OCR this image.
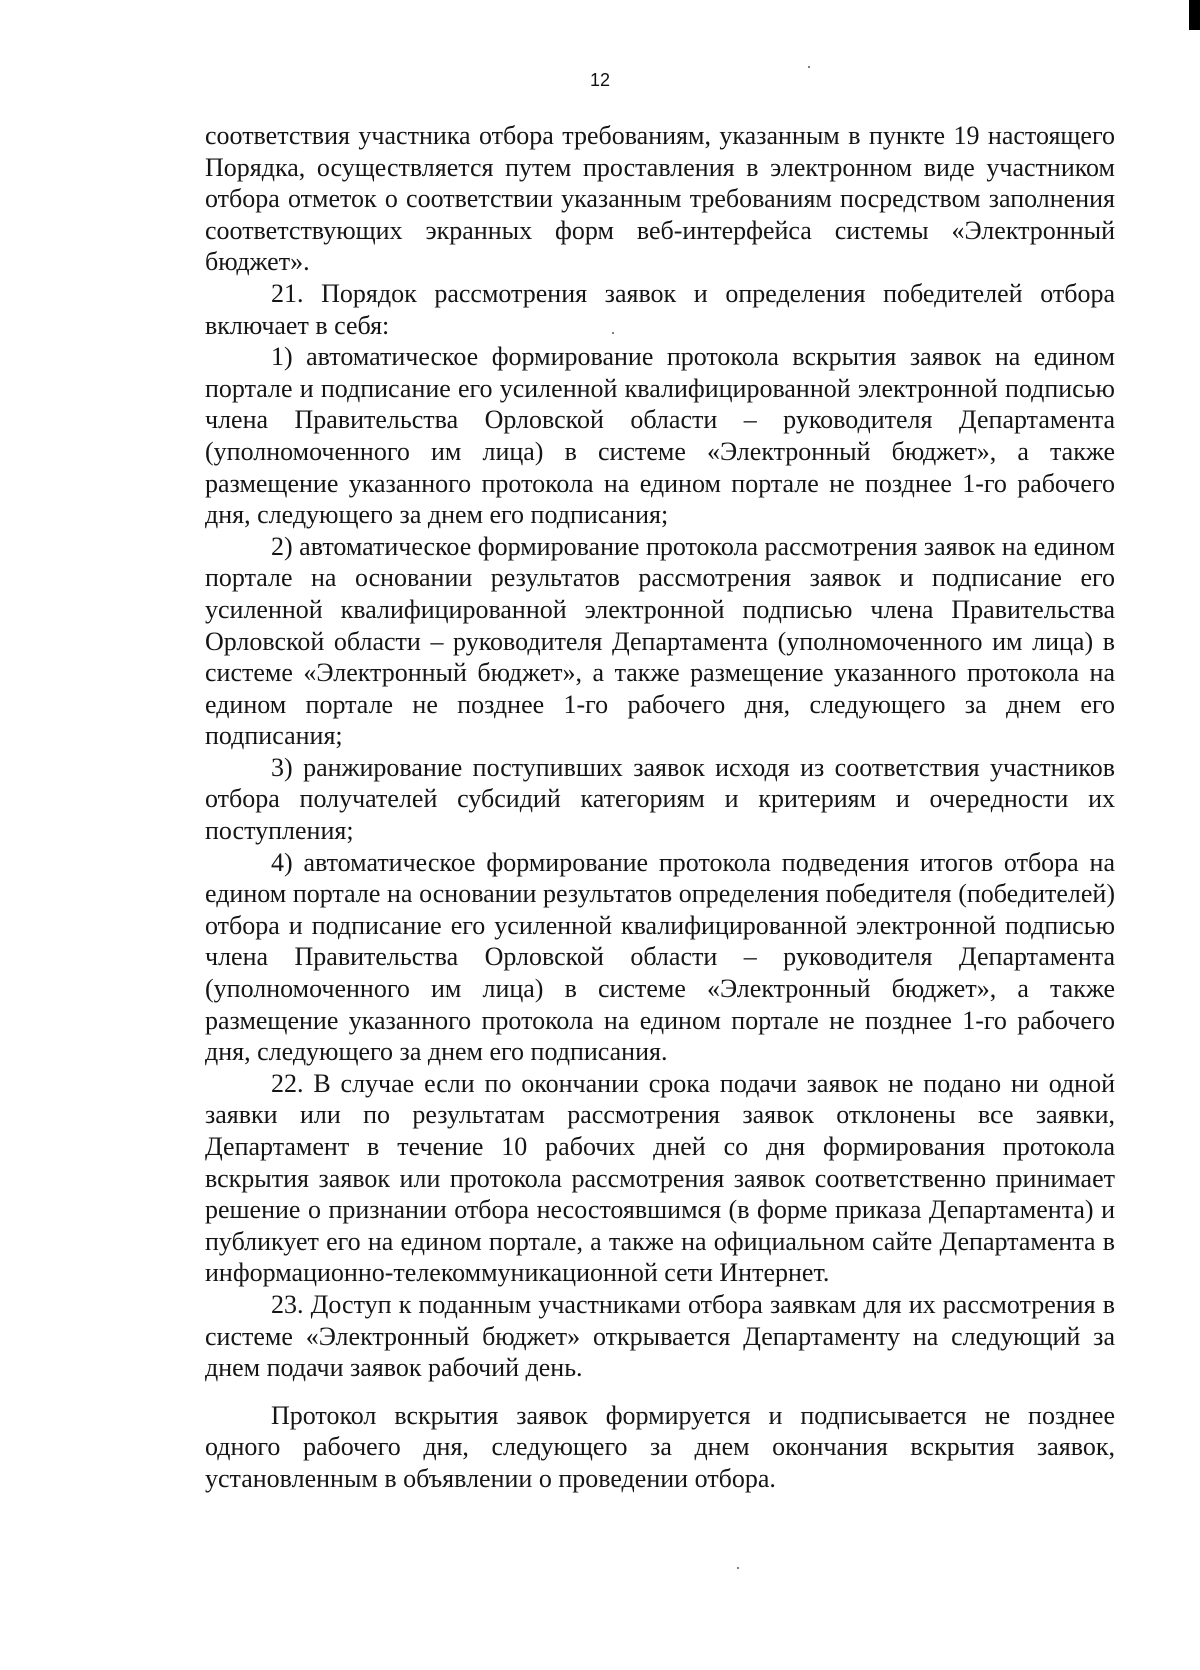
12

соответствия участника отбора требованиям, указанным в пункте 19 настоящего Порядка, осуществляется путем проставления в электронном виде участником отбора отметок о соответствии указанным требованиям посредством заполнения соответствующих экранных форм веб-интерфейса системы «Электронный бюджет».

21. Порядок рассмотрения заявок и определения победителей отбора включает в себя:

1) автоматическое формирование протокола вскрытия заявок на едином портале и подписание его усиленной квалифицированной электронной подписью члена Правительства Орловской области – руководителя Департамента (уполномоченного им лица) в системе «Электронный бюджет», а также размещение указанного протокола на едином портале не позднее 1-го рабочего дня, следующего за днем его подписания;

2) автоматическое формирование протокола рассмотрения заявок на едином портале на основании результатов рассмотрения заявок и подписание его усиленной квалифицированной электронной подписью члена Правительства Орловской области – руководителя Департамента (уполномоченного им лица) в системе «Электронный бюджет», а также размещение указанного протокола на едином портале не позднее 1-го рабочего дня, следующего за днем его подписания;

3) ранжирование поступивших заявок исходя из соответствия участников отбора получателей субсидий категориям и критериям и очередности их поступления;

4) автоматическое формирование протокола подведения итогов отбора на едином портале на основании результатов определения победителя (победителей) отбора и подписание его усиленной квалифицированной электронной подписью члена Правительства Орловской области – руководителя Департамента (уполномоченного им лица) в системе «Электронный бюджет», а также размещение указанного протокола на едином портале не позднее 1-го рабочего дня, следующего за днем его подписания.

22. В случае если по окончании срока подачи заявок не подано ни одной заявки или по результатам рассмотрения заявок отклонены все заявки, Департамент в течение 10 рабочих дней со дня формирования протокола вскрытия заявок или протокола рассмотрения заявок соответственно принимает решение о признании отбора несостоявшимся (в форме приказа Департамента) и публикует его на едином портале, а также на официальном сайте Департамента в информационно-телекоммуникационной сети Интернет.

23. Доступ к поданным участниками отбора заявкам для их рассмотрения в системе «Электронный бюджет» открывается Департаменту на следующий за днем подачи заявок рабочий день.

Протокол вскрытия заявок формируется и подписывается не позднее одного рабочего дня, следующего за днем окончания вскрытия заявок, установленным в объявлении о проведении отбора.
